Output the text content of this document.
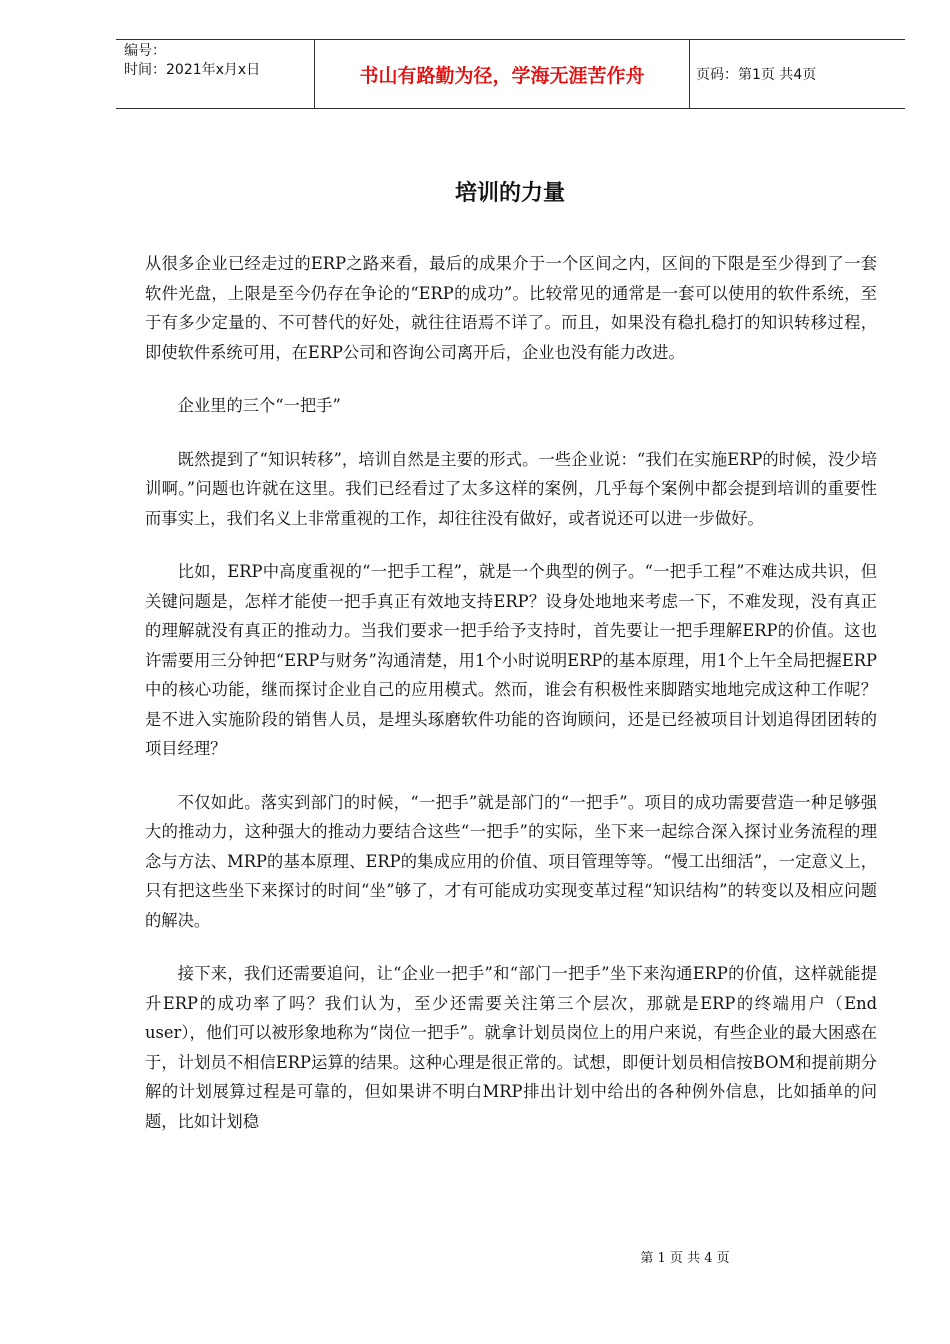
编号：
时间：2021年x月x日	书山有路勤为径，学海无涯苦作舟	页码：第1页 共4页
培训的力量

从很多企业已经走过的ERP之路来看，最后的成果介于一个区间之内，区间的下限是至少得到了一套软件光盘，上限是至今仍存在争论的“ERP的成功”。比较常见的通常是一套可以使用的软件系统，至于有多少定量的、不可替代的好处，就往往语焉不详了。而且，如果没有稳扎稳打的知识转移过程，即使软件系统可用，在ERP公司和咨询公司离开后，企业也没有能力改进。

企业里的三个“一把手”

既然提到了“知识转移”，培训自然是主要的形式。一些企业说：“我们在实施ERP的时候，没少培训啊。”问题也许就在这里。我们已经看过了太多这样的案例，几乎每个案例中都会提到培训的重要性而事实上，我们名义上非常重视的工作，却往往没有做好，或者说还可以进一步做好。

比如，ERP中高度重视的“一把手工程”，就是一个典型的例子。“一把手工程”不难达成共识，但关键问题是，怎样才能使一把手真正有效地支持ERP？设身处地地来考虑一下，不难发现，没有真正的理解就没有真正的推动力。当我们要求一把手给予支持时，首先要让一把手理解ERP的价值。这也许需要用三分钟把“ERP与财务”沟通清楚，用1个小时说明ERP的基本原理，用1个上午全局把握ERP中的核心功能，继而探讨企业自己的应用模式。然而，谁会有积极性来脚踏实地地完成这种工作呢？是不进入实施阶段的销售人员，是埋头琢磨软件功能的咨询顾问，还是已经被项目计划追得团团转的项目经理？

不仅如此。落实到部门的时候，“一把手”就是部门的“一把手”。项目的成功需要营造一种足够强大的推动力，这种强大的推动力要结合这些“一把手”的实际，坐下来一起综合深入探讨业务流程的理念与方法、MRP的基本原理、ERP的集成应用的价值、项目管理等等。“慢工出细活”，一定意义上，只有把这些坐下来探讨的时间“坐”够了，才有可能成功实现变革过程“知识结构”的转变以及相应问题的解决。

接下来，我们还需要追问，让“企业一把手”和“部门一把手”坐下来沟通ERP的价值，这样就能提升ERP的成功率了吗？我们认为，至少还需要关注第三个层次，那就是ERP的终端用户（End user），他们可以被形象地称为“岗位一把手”。就拿计划员岗位上的用户来说，有些企业的最大困惑在于，计划员不相信ERP运算的结果。这种心理是很正常的。试想，即便计划员相信按BOM和提前期分解的计划展算过程是可靠的，但如果讲不明白MRP排出计划中给出的各种例外信息，比如插单的问题，比如计划稳

第 1 页 共 4 页
